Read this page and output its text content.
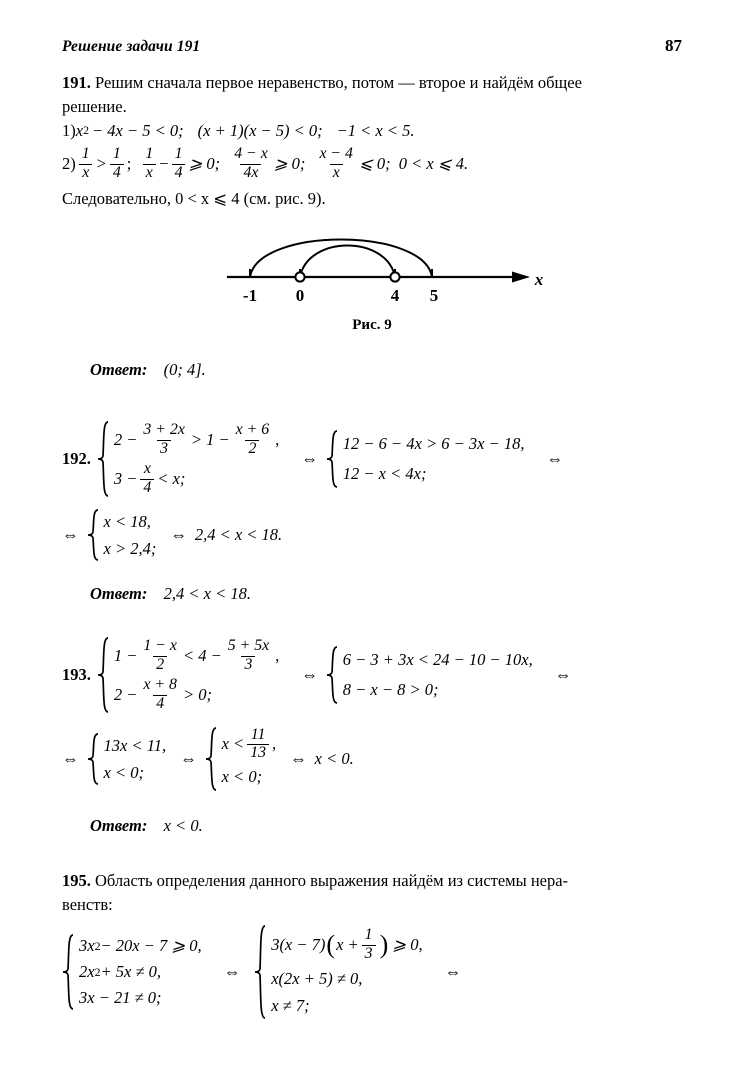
Решение задачи 191	87

191. Решим сначала первое неравенство, потом — второе и найдём общее

решение.

1) x 2 − 4x − 5 < 0; (x + 1)(x − 5) < 0; −1 < x < 5.
$2) \frac{1}{x} > \frac{1}{4}$ ; $\frac{1}{x} - \frac{1}{4}$ ⩾ 0; $\frac{4 - x}{4x}$ ⩾ 0; $\frac{x - 4}{x}$ ⩽ 0; 0 < x ⩽ 4.

Следовательно, 0 < x ⩽ 4 (см. рис. 9).

-1 0	4 5
x
Рис. 9
Ответ: (0; 4].
192.
$2 - \frac{3 + 2x}{3} > 1 - \frac{x + 6}{2}$ ,
$3 - \frac{x}{4} < x$;
⇔
12 − 6 − 4x > 6 − 3x − 18,
12 − x < 4x;
⇔
⇔
x < 18,
x > 2,4;
⇔ 2,4 < x < 18.
Ответ: 2,4 < x < 18.
193.
$1 - \frac{1 - x}{2} < 4 - \frac{5 + 5x}{3}$ ,
$2 - \frac{x + 8}{4} > 0$;
⇔
6 − 3 + 3x < 24 − 10 − 10x,
8 − x − 8 > 0;
⇔
⇔
13x < 11,
x < 0;
⇔
$x < \frac{11}{13}$ ,
x < 0;
⇔ x < 0.
Ответ: x < 0.

195. Область определения данного выражения найдём из системы нера-

венств:

3x 2 − 20x − 7 ⩾ 0,
2x 2 + 5x ≠ 0,
3x − 21 ≠ 0;
⇔
3(x − 7) ( $x + \frac{1}{3}$ ) ⩾ 0,
x(2x + 5) ≠ 0,
x ≠ 7;
⇔
